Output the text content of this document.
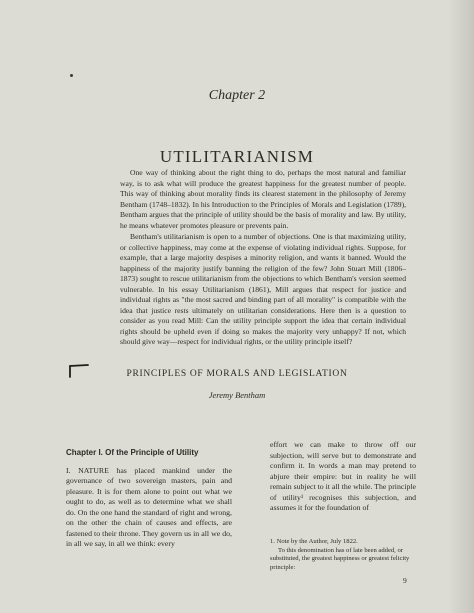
Chapter 2
UTILITARIANISM

One way of thinking about the right thing to do, perhaps the most natural and familiar way, is to ask what will produce the greatest happiness for the greatest number of people. This way of thinking about morality finds its clearest statement in the philosophy of Jeremy Bentham (1748–1832). In his Introduction to the Principles of Morals and Legislation (1789), Bentham argues that the principle of utility should be the basis of morality and law. By utility, he means whatever promotes pleasure or prevents pain.

Bentham's utilitarianism is open to a number of objections. One is that maximizing utility, or collective happiness, may come at the expense of violating individual rights. Suppose, for example, that a large majority despises a minority religion, and wants it banned. Would the happiness of the majority justify banning the religion of the few? John Stuart Mill (1806–1873) sought to rescue utilitarianism from the objections to which Bentham's version seemed vulnerable. In his essay Utilitarianism (1861), Mill argues that respect for justice and individual rights as "the most sacred and binding part of all morality" is compatible with the idea that justice rests ultimately on utilitarian considerations. Here then is a question to consider as you read Mill: Can the utility principle support the idea that certain individual rights should be upheld even if doing so makes the majority very unhappy? If not, which should give way—respect for individual rights, or the utility principle itself?

PRINCIPLES OF MORALS AND LEGISLATION
Jeremy Bentham
Chapter I. Of the Principle of Utility

I. NATURE has placed mankind under the governance of two sovereign masters, pain and pleasure. It is for them alone to point out what we ought to do, as well as to determine what we shall do. On the one hand the standard of right and wrong, on the other the chain of causes and effects, are fastened to their throne. They govern us in all we do, in all we say, in all we think: every

effort we can make to throw off our subjection, will serve but to demonstrate and confirm it. In words a man may pretend to abjure their empire: but in reality he will remain subject to it all the while. The principle of utility¹ recognises this subjection, and assumes it for the foundation of

1. Note by the Author, July 1822.

To this denomination has of late been added, or substituted, the greatest happiness or greatest felicity principle:

9
